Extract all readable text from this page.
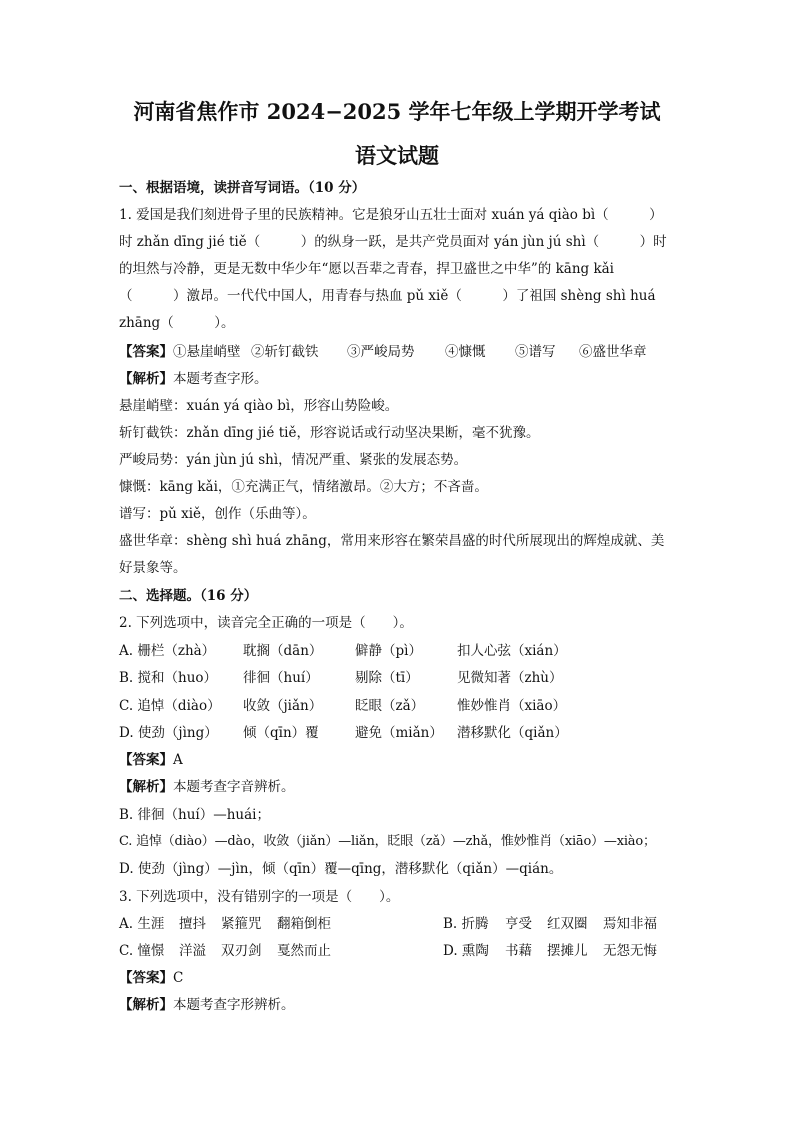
河南省焦作市 2024−2025 学年七年级上学期开学考试
语文试题
一、根据语境，读拼音写词语。（10 分）
1. 爱国是我们刻进骨子里的民族精神。它是狼牙山五壮士面对 xuán yá qiào bì（　　　）
时 zhǎn dīng jié tiě（　　　）的纵身一跃，是共产党员面对 yán jùn jú shì（　　　）时
的坦然与冷静，更是无数中华少年“愿以吾辈之青春，捍卫盛世之中华”的 kāng kǎi
（　　　）激昂。一代代中国人，用青春与热血 pǔ xiě（　　　）了祖国 shèng shì huá
zhāng（　　　）。
【答案】①悬崖峭壁 ②斩钉截铁 ③严峻局势 ④慷慨 ⑤谱写 ⑥盛世华章
【解析】本题考查字形。
悬崖峭壁：xuán yá qiào bì，形容山势险峻。
斩钉截铁：zhǎn dīng jié tiě，形容说话或行动坚决果断，毫不犹豫。
严峻局势：yán jùn jú shì，情况严重、紧张的发展态势。
慷慨：kāng kǎi，①充满正气，情绪激昂。②大方；不吝啬。
谱写：pǔ xiě，创作（乐曲等）。
盛世华章：shèng shì huá zhāng，常用来形容在繁荣昌盛的时代所展现出的辉煌成就、美
好景象等。
二、选择题。（16 分）
2. 下列选项中，读音完全正确的一项是（　　）。
A. 栅栏（zhà） 耽搁（dān） 僻静（pì）	扣人心弦（xián）
B. 搅和（huo） 徘徊（huí）	剔除（tī）	见微知著（zhù）
C. 追悼（diào） 收敛（jiǎn） 眨眼（zǎ） 惟妙惟肖（xiāo）
D. 使劲（jìng） 倾（qīn）覆	避免（miǎn） 潜移默化（qiǎn）
【答案】A
【解析】本题考查字音辨析。
B. 徘徊（huí）—huái；
C. 追悼（diào）—dào，收敛（jiǎn）—liǎn，眨眼（zǎ）—zhǎ，惟妙惟肖（xiāo）—xiào；
D. 使劲（jìng）—jìn，倾（qīn）覆—qīng，潜移默化（qiǎn）—qián。
3. 下列选项中，没有错别字的一项是（　　）。
A. 生涯 擅抖 紧箍咒 翻箱倒柜	B. 折腾 亨受 红双圈 焉知非福
C. 憧憬 洋溢 双刃剑 戛然而止	D. 熏陶 书藉 摆摊儿 无怨无悔
【答案】C
【解析】本题考查字形辨析。
